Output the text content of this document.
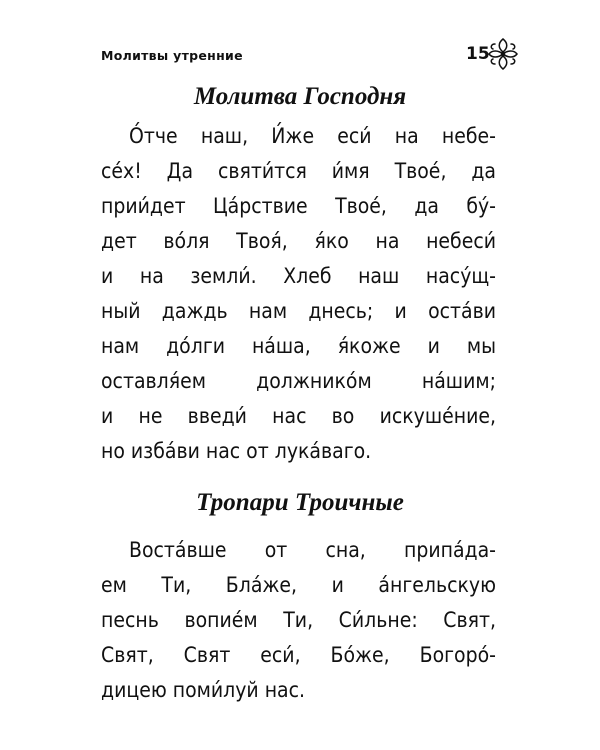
Молитвы утренние	15
Молитва Господня
О́тче наш, И́же еси́ на небе-
се́х! Да святи́тся и́мя Твое́, да
прии́дет Ца́рствие Твое́, да бу́-
дет во́ля Твоя́, я́ко на небеси́
и на земли́. Хлеб наш насу́щ-
ный даждь нам днесь; и оста́ви
нам до́лги на́ша, я́коже и мы
оставля́ем должнико́м на́шим;
и не введи́ нас во искуше́ние,
но изба́ви нас от лука́ваго.
Тропари Троичные
Воста́вше от сна, припа́да-
ем Ти, Бла́же, и а́нгельскую
песнь вопие́м Ти, Си́льне: Свят,
Свят, Свят еси́, Бо́же, Богоро́-
дицею поми́луй нас.
